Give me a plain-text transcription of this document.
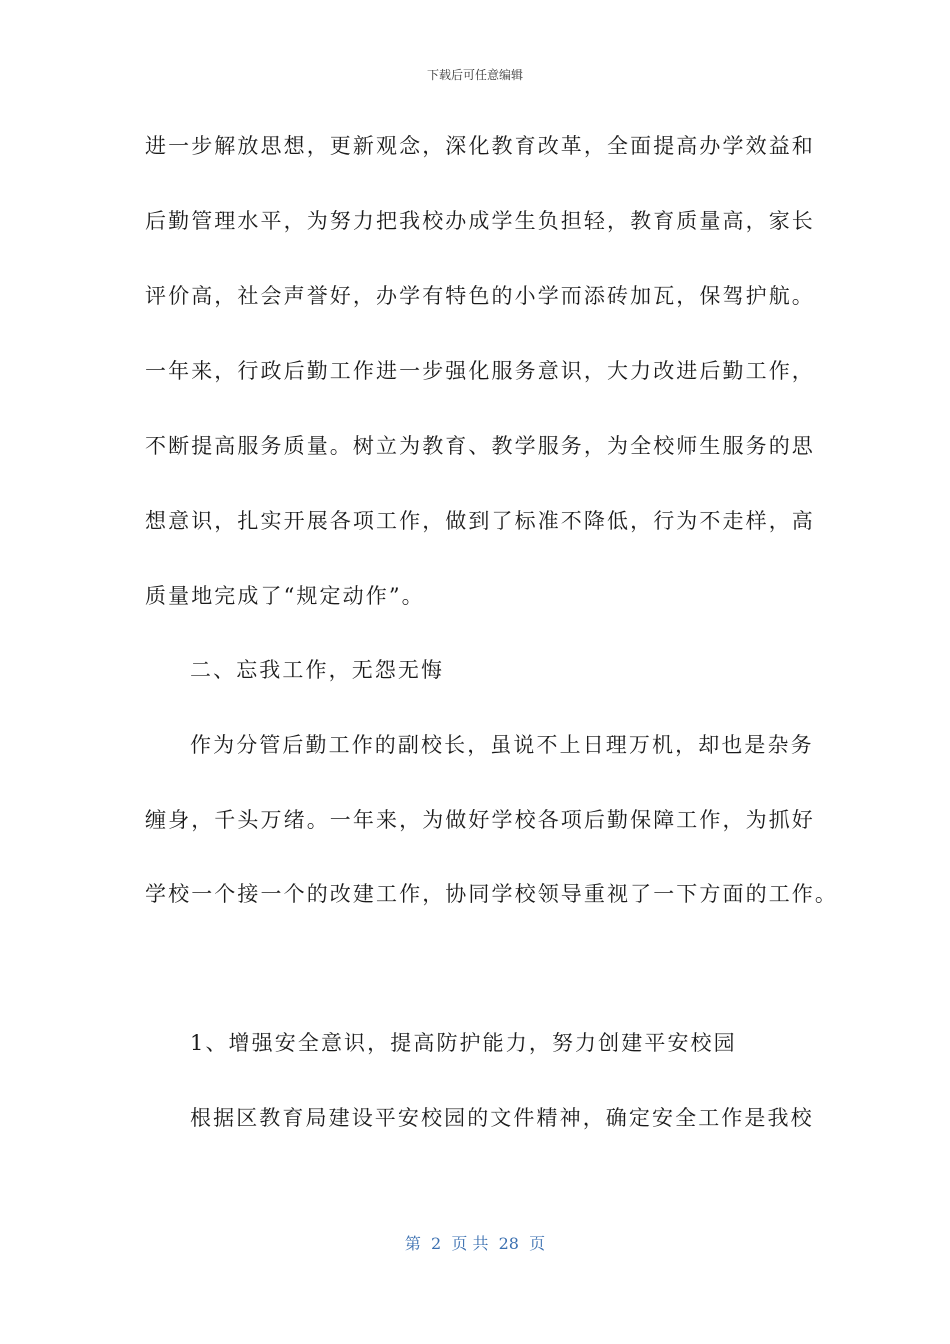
下载后可任意编辑
进一步解放思想，更新观念，深化教育改革，全面提高办学效益和
后勤管理水平，为努力把我校办成学生负担轻，教育质量高，家长
评价高，社会声誉好，办学有特色的小学而添砖加瓦，保驾护航。
一年来，行政后勤工作进一步强化服务意识，大力改进后勤工作，
不断提高服务质量。树立为教育、教学服务，为全校师生服务的思
想意识，扎实开展各项工作，做到了标准不降低，行为不走样，高
质量地完成了“规定动作”。
二、忘我工作，无怨无悔
作为分管后勤工作的副校长，虽说不上日理万机，却也是杂务
缠身，千头万绪。一年来，为做好学校各项后勤保障工作，为抓好
学校一个接一个的改建工作，协同学校领导重视了一下方面的工作。
1、增强安全意识，提高防护能力，努力创建平安校园
根据区教育局建设平安校园的文件精神，确定安全工作是我校
第  2  页 共  28  页
